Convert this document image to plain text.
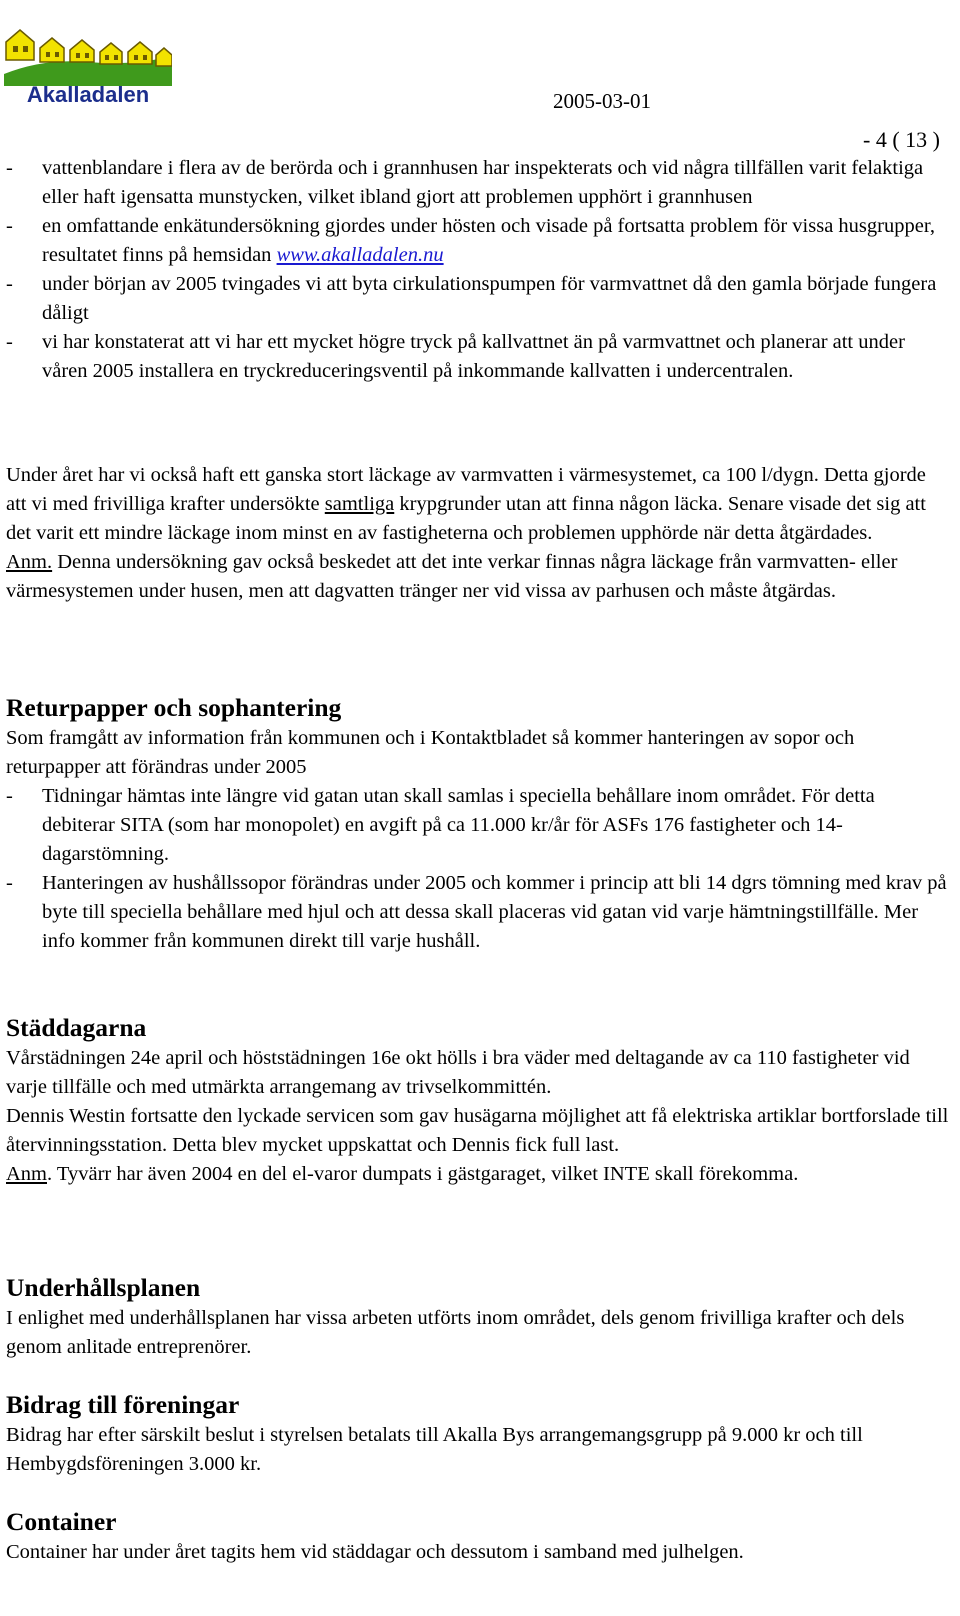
Akalladalen	2005-03-01
- 4 ( 13 )
- vattenblandare i flera av de berörda och i grannhusen har inspekterats och vid några tillfällen varit felaktiga eller haft igensatta munstycken, vilket ibland gjort att problemen upphört i grannhusen
- en omfattande enkätundersökning gjordes under hösten och visade på fortsatta problem för vissa husgrupper, resultatet finns på hemsidan www.akalladalen.nu
- under början av 2005 tvingades vi att byta cirkulationspumpen för varmvattnet då den gamla började fungera dåligt
- vi har konstaterat att vi har ett mycket högre tryck på kallvattnet än på varmvattnet och planerar att under våren 2005 installera en tryckreduceringsventil på inkommande kallvatten i undercentralen.

Under året har vi också haft ett ganska stort läckage av varmvatten i värmesystemet, ca 100 l/dygn. Detta gjorde att vi med frivilliga krafter undersökte samtliga krypgrunder utan att finna någon läcka. Senare visade det sig att det varit ett mindre läckage inom minst en av fastigheterna och problemen upphörde när detta åtgärdades.

Anm. Denna undersökning gav också beskedet att det inte verkar finnas några läckage från varmvatten- eller värmesystemen under husen, men att dagvatten tränger ner vid vissa av parhusen och måste åtgärdas.

Returpapper och sophantering

Som framgått av information från kommunen och i Kontaktbladet så kommer hanteringen av sopor och returpapper att förändras under 2005

- Tidningar hämtas inte längre vid gatan utan skall samlas i speciella behållare inom området. För detta debiterar SITA (som har monopolet) en avgift på ca 11.000 kr/år för ASFs 176 fastigheter och 14-dagarstömning.
- Hanteringen av hushållssopor förändras under 2005 och kommer i princip att bli 14 dgrs tömning med krav på byte till speciella behållare med hjul och att dessa skall placeras vid gatan vid varje hämtningstillfälle. Mer info kommer från kommunen direkt till varje hushåll.
Städdagarna

Vårstädningen 24e april och höststädningen 16e okt hölls i bra väder med deltagande av ca 110 fastigheter vid varje tillfälle och med utmärkta arrangemang av trivselkommittén.

Dennis Westin fortsatte den lyckade servicen som gav husägarna möjlighet att få elektriska artiklar bortforslade till återvinningsstation. Detta blev mycket uppskattat och Dennis fick full last.

Anm. Tyvärr har även 2004 en del el-varor dumpats i gästgaraget, vilket INTE skall förekomma.

Underhållsplanen

I enlighet med underhållsplanen har vissa arbeten utförts inom området, dels genom frivilliga krafter och dels genom anlitade entreprenörer.

Bidrag till föreningar

Bidrag har efter särskilt beslut i styrelsen betalats till Akalla Bys arrangemangsgrupp på 9.000 kr och till Hembygdsföreningen 3.000 kr.

Container

Container har under året tagits hem vid städdagar och dessutom i samband med julhelgen.
